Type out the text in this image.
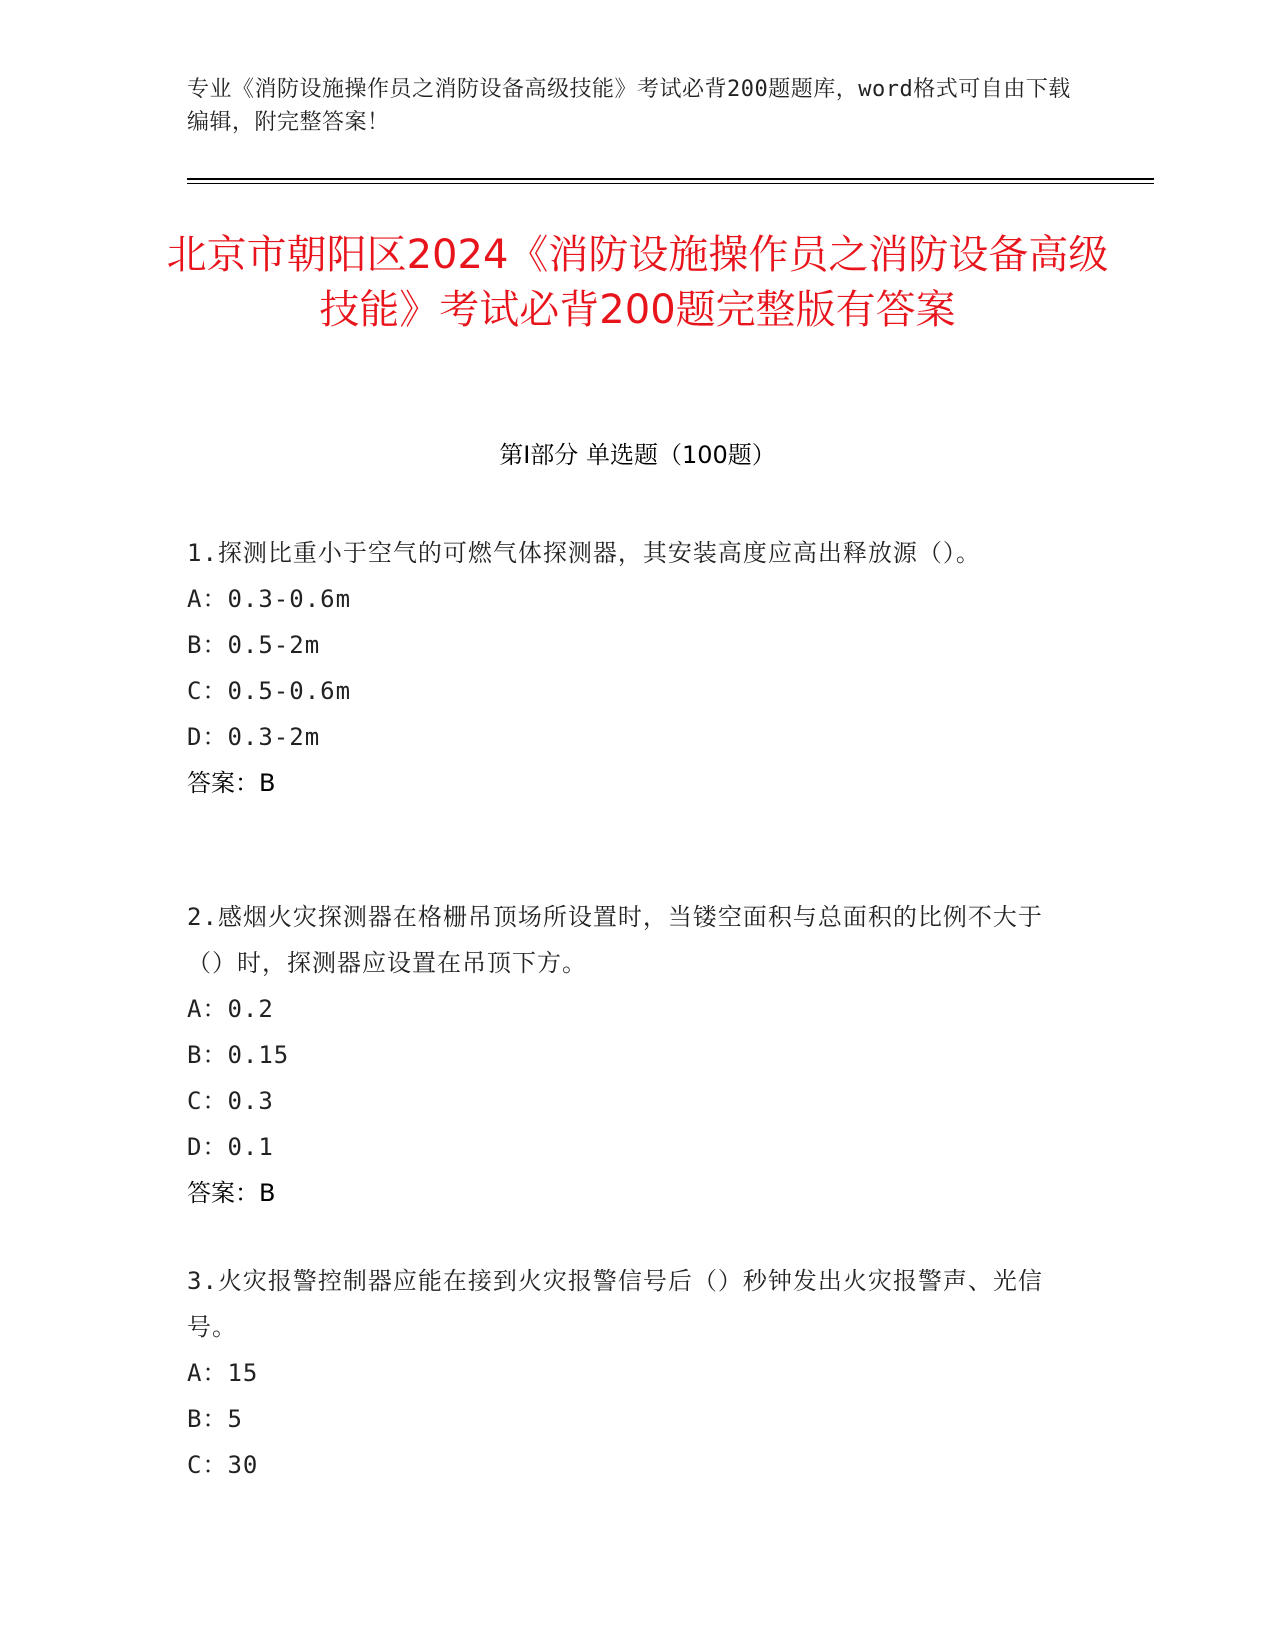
专业《消防设施操作员之消防设备高级技能》考试必背200题题库，word格式可自由下载编辑，附完整答案！
北京市朝阳区2024《消防设施操作员之消防设备高级技能》考试必背200题完整版有答案
第Ⅰ部分 单选题（100题）
1.探测比重小于空气的可燃气体探测器，其安装高度应高出释放源（）。
A：0.3-0.6m
B：0.5-2m
C：0.5-0.6m
D：0.3-2m
答案：B
2.感烟火灾探测器在格栅吊顶场所设置时，当镂空面积与总面积的比例不大于（）时，探测器应设置在吊顶下方。
A：0.2
B：0.15
C：0.3
D：0.1
答案：B
3.火灾报警控制器应能在接到火灾报警信号后（）秒钟发出火灾报警声、光信号。
A：15
B：5
C：30
